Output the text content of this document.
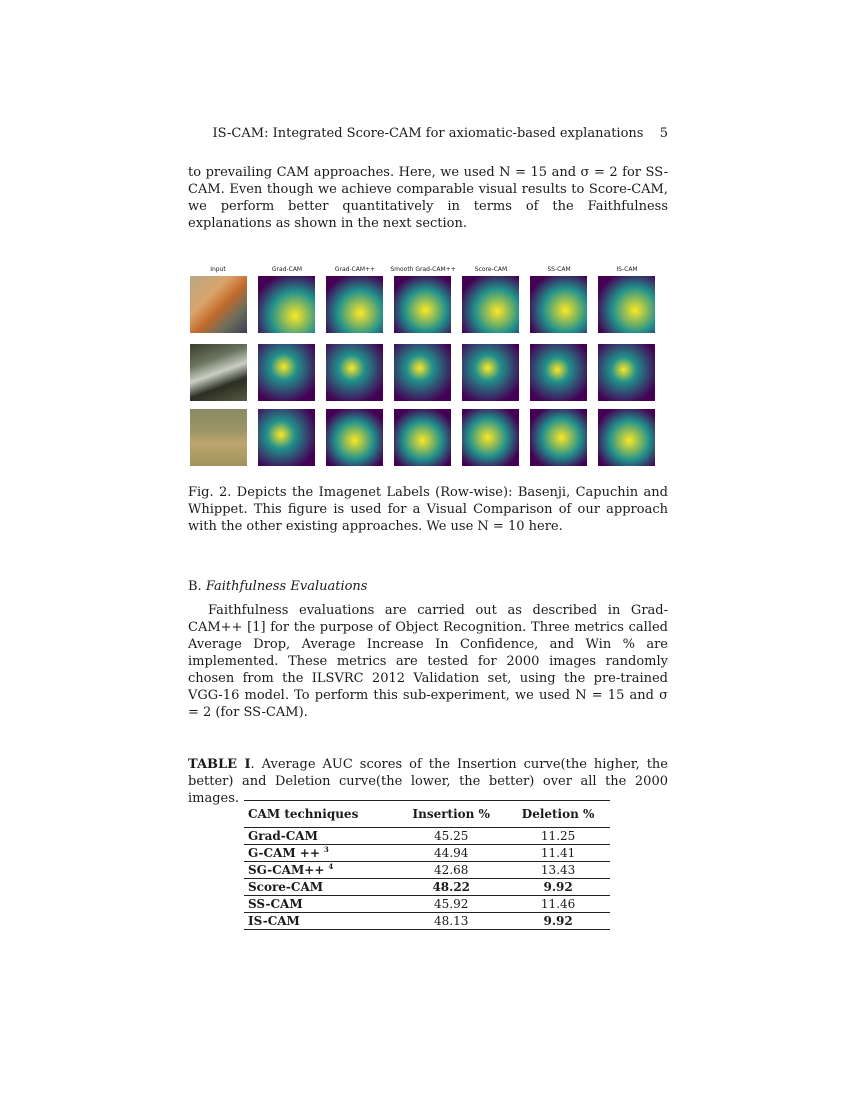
IS-CAM: Integrated Score-CAM for axiomatic-based explanations 5

to prevailing CAM approaches. Here, we used N = 15 and σ = 2 for SS-CAM. Even though we achieve comparable visual results to Score-CAM, we perform better quantitatively in terms of the Faithfulness explanations as shown in the next section.

Input	Grad-CAM	Grad-CAM++	Smooth Grad-CAM++	Score-CAM	SS-CAM	IS-CAM

Fig. 2. Depicts the Imagenet Labels (Row-wise): Basenji, Capuchin and Whippet. This figure is used for a Visual Comparison of our approach with the other existing approaches. We use N = 10 here.

B. Faithfulness Evaluations

Faithfulness evaluations are carried out as described in Grad-CAM++ [1] for the purpose of Object Recognition. Three metrics called Average Drop, Average Increase In Confidence, and Win % are implemented. These metrics are tested for 2000 images randomly chosen from the ILSVRC 2012 Validation set, using the pre-trained VGG-16 model. To perform this sub-experiment, we used N = 15 and σ = 2 (for SS-CAM).

TABLE I. Average AUC scores of the Insertion curve(the higher, the better) and Deletion curve(the lower, the better) over all the 2000 images.

CAM techniques	Insertion %	Deletion %
Grad-CAM	45.25	11.25
G-CAM ++ $^3$	44.94	11.41
SG-CAM++ $^4$	42.68	13.43
Score-CAM	48.22	9.92
SS-CAM	45.92	11.46
IS-CAM	48.13	9.92
